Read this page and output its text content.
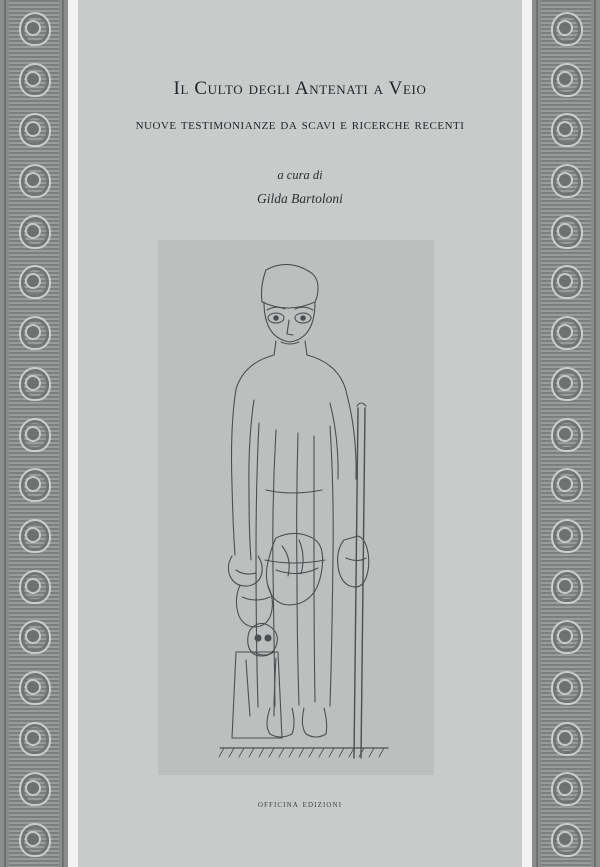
Il Culto degli Antenati a Veio
nuove testimonianze da scavi e ricerche recenti
a cura di
Gilda Bartoloni
officina edizioni
